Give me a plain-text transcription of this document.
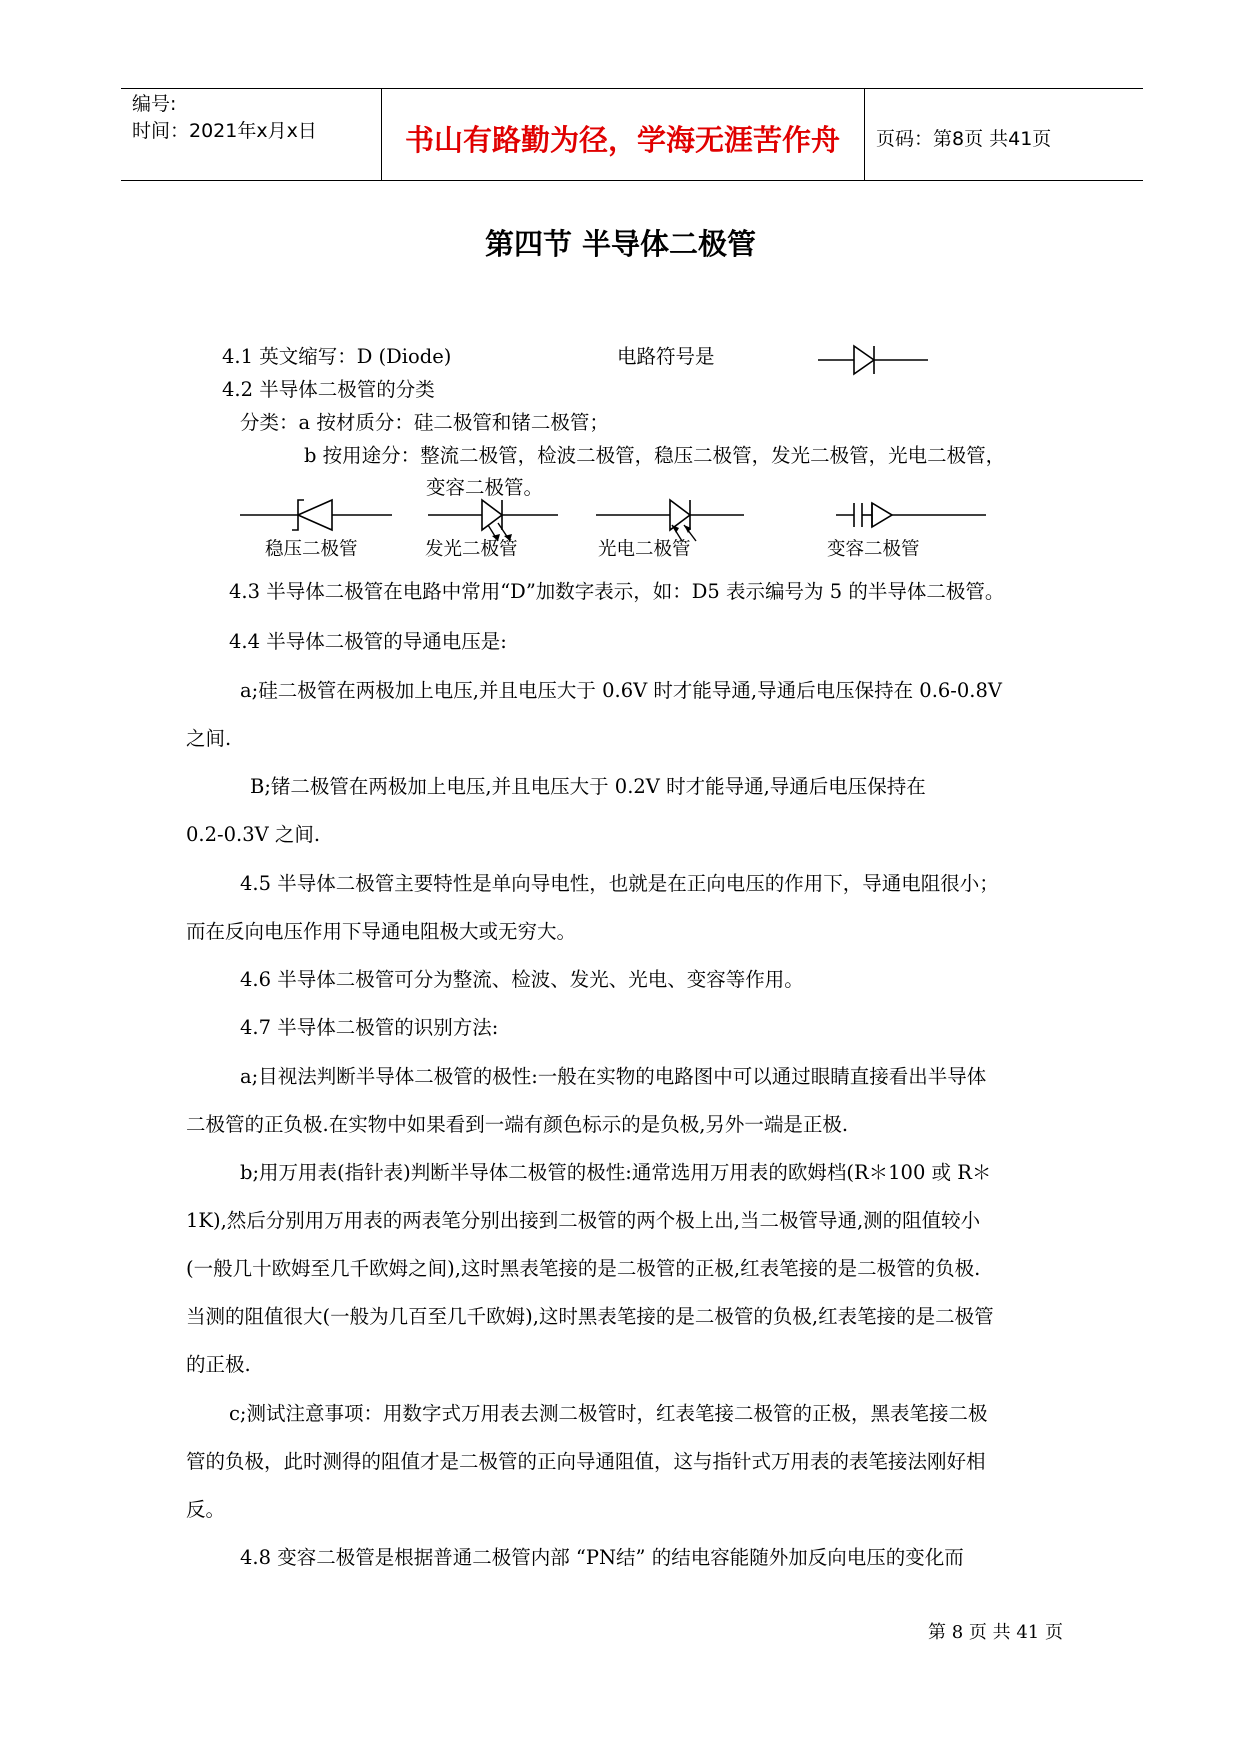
编号:
时间：2021年x月x日	书山有路勤为径，学海无涯苦作舟 页码：第8页 共41页
第四节 半导体二极管
4.1 英文缩写：D (Diode)	电路符号是
4.2 半导体二极管的分类
分类：a 按材质分：硅二极管和锗二极管；
b 按用途分：整流二极管，检波二极管，稳压二极管，发光二极管，光电二极管，
变容二极管。
稳压二极管	发光二极管	光电二极管	变容二极管
4.3 半导体二极管在电路中常用“D”加数字表示，如：D5 表示编号为 5 的半导体二极管。
4.4 半导体二极管的导通电压是:
a;硅二极管在两极加上电压,并且电压大于 0.6V 时才能导通,导通后电压保持在 0.6-0.8V
之间.
B;锗二极管在两极加上电压,并且电压大于 0.2V 时才能导通,导通后电压保持在
0.2-0.3V 之间.
4.5 半导体二极管主要特性是单向导电性，也就是在正向电压的作用下，导通电阻很小；
而在反向电压作用下导通电阻极大或无穷大。
4.6 半导体二极管可分为整流、检波、发光、光电、变容等作用。
4.7 半导体二极管的识别方法:
a;目视法判断半导体二极管的极性:一般在实物的电路图中可以通过眼睛直接看出半导体
二极管的正负极.在实物中如果看到一端有颜色标示的是负极,另外一端是正极.
b;用万用表(指针表)判断半导体二极管的极性:通常选用万用表的欧姆档(R＊100 或 R＊
1K),然后分别用万用表的两表笔分别出接到二极管的两个极上出,当二极管导通,测的阻值较小
(一般几十欧姆至几千欧姆之间),这时黑表笔接的是二极管的正极,红表笔接的是二极管的负极.
当测的阻值很大(一般为几百至几千欧姆),这时黑表笔接的是二极管的负极,红表笔接的是二极管
的正极.
c;测试注意事项：用数字式万用表去测二极管时，红表笔接二极管的正极，黑表笔接二极
管的负极，此时测得的阻值才是二极管的正向导通阻值，这与指针式万用表的表笔接法刚好相
反。
4.8 变容二极管是根据普通二极管内部 “PN结” 的结电容能随外加反向电压的变化而
第 8 页 共 41 页
